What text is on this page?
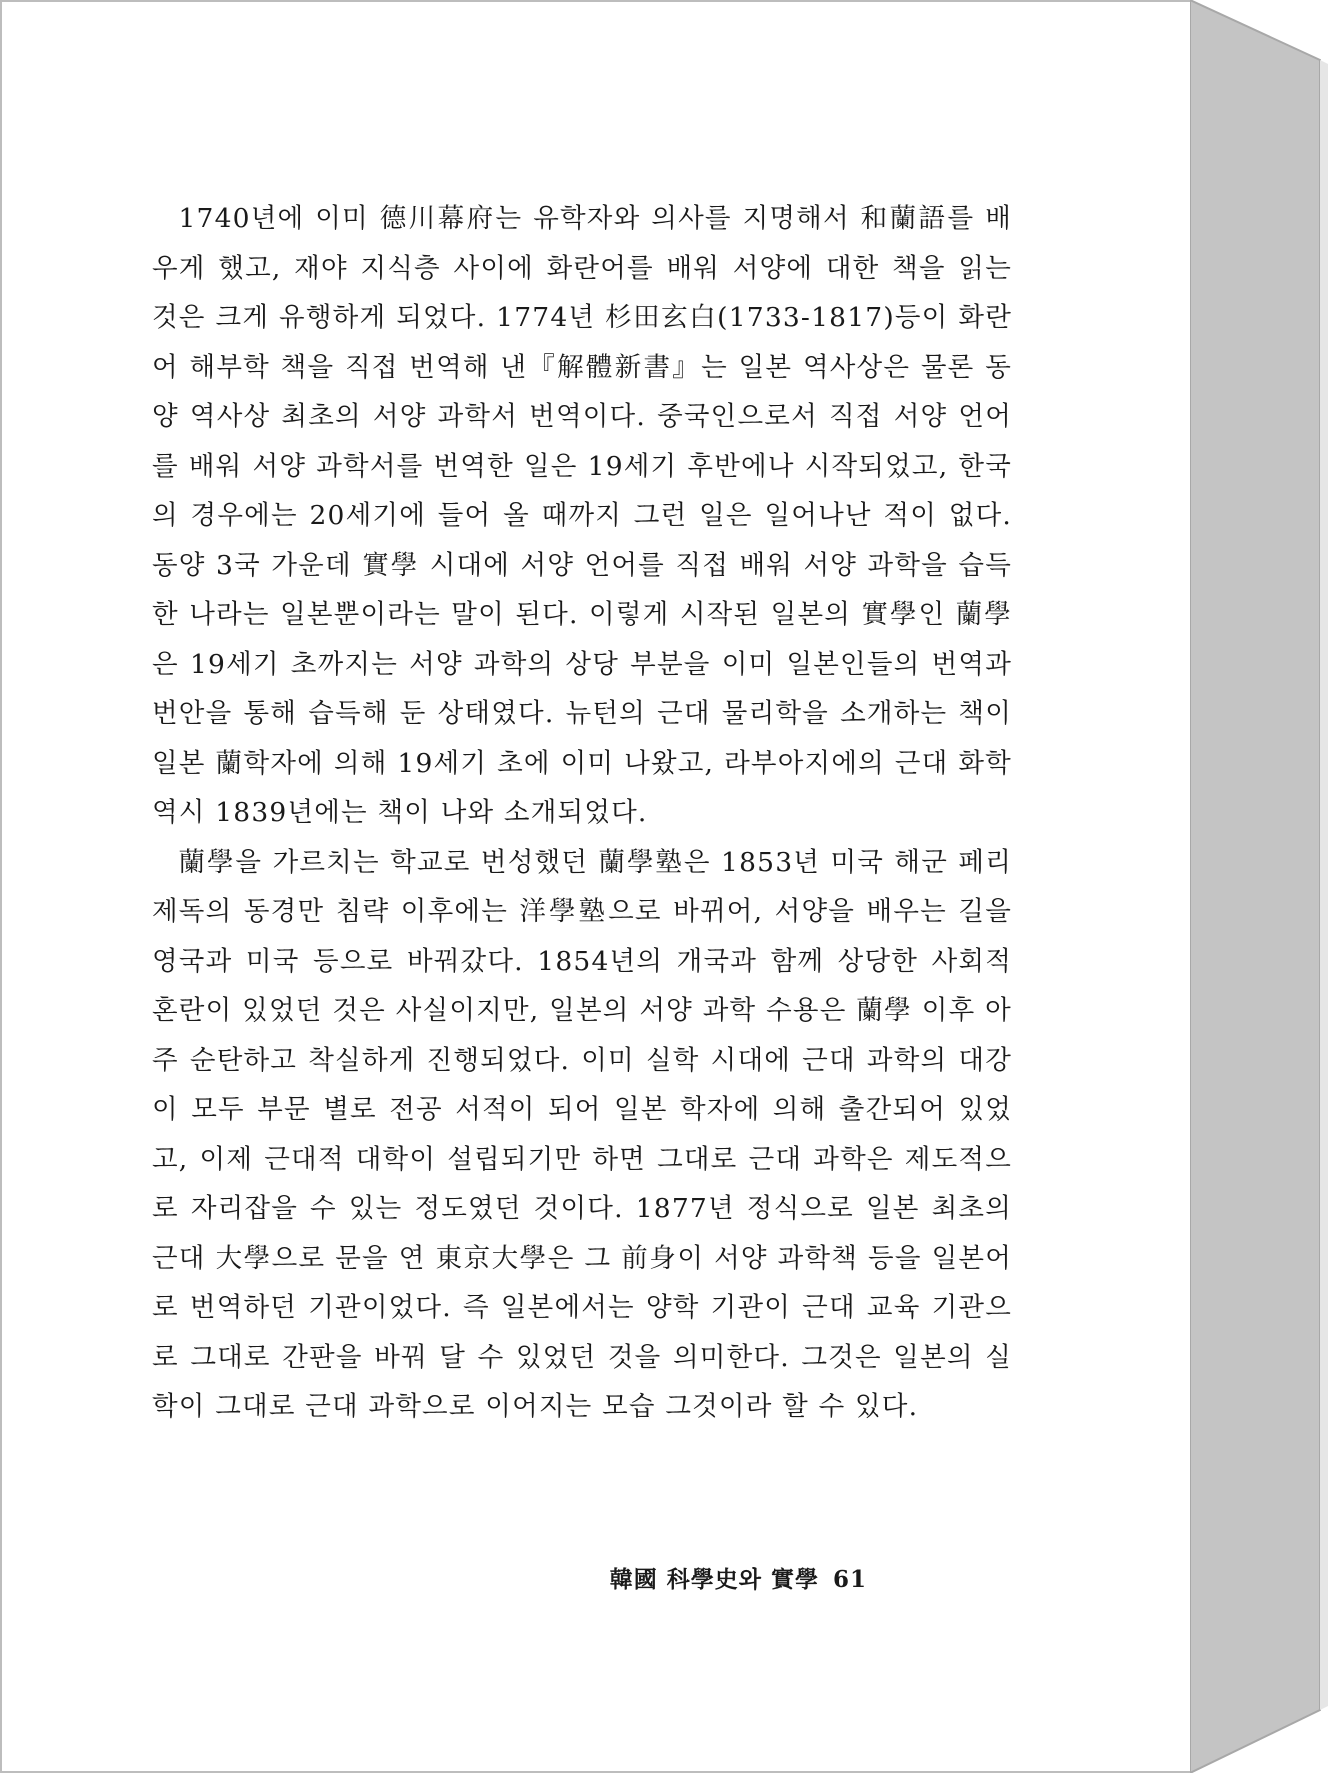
1740년에 이미 德川幕府는 유학자와 의사를 지명해서 和蘭語를 배우게 했고, 재야 지식층 사이에 화란어를 배워 서양에 대한 책을 읽는 것은 크게 유행하게 되었다. 1774년 杉田玄白(1733-1817)등이 화란어 해부학 책을 직접 번역해 낸『解體新書』는 일본 역사상은 물론 동양 역사상 최초의 서양 과학서 번역이다. 중국인으로서 직접 서양 언어를 배워 서양 과학서를 번역한 일은 19세기 후반에나 시작되었고, 한국의 경우에는 20세기에 들어 올 때까지 그런 일은 일어나난 적이 없다. 동양 3국 가운데 實學 시대에 서양 언어를 직접 배워 서양 과학을 습득한 나라는 일본뿐이라는 말이 된다. 이렇게 시작된 일본의 實學인 蘭學은 19세기 초까지는 서양 과학의 상당 부분을 이미 일본인들의 번역과 번안을 통해 습득해 둔 상태였다. 뉴턴의 근대 물리학을 소개하는 책이 일본 蘭학자에 의해 19세기 초에 이미 나왔고, 라부아지에의 근대 화학 역시 1839년에는 책이 나와 소개되었다.

蘭學을 가르치는 학교로 번성했던 蘭學塾은 1853년 미국 해군 페리 제독의 동경만 침략 이후에는 洋學塾으로 바뀌어, 서양을 배우는 길을 영국과 미국 등으로 바꿔갔다. 1854년의 개국과 함께 상당한 사회적 혼란이 있었던 것은 사실이지만, 일본의 서양 과학 수용은 蘭學 이후 아주 순탄하고 착실하게 진행되었다. 이미 실학 시대에 근대 과학의 대강이 모두 부문 별로 전공 서적이 되어 일본 학자에 의해 출간되어 있었고, 이제 근대적 대학이 설립되기만 하면 그대로 근대 과학은 제도적으로 자리잡을 수 있는 정도였던 것이다. 1877년 정식으로 일본 최초의 근대 大學으로 문을 연 東京大學은 그 前身이 서양 과학책 등을 일본어로 번역하던 기관이었다. 즉 일본에서는 양학 기관이 근대 교육 기관으로 그대로 간판을 바꿔 달 수 있었던 것을 의미한다. 그것은 일본의 실학이 그대로 근대 과학으로 이어지는 모습 그것이라 할 수 있다.

韓國 科學史와 實學 61
